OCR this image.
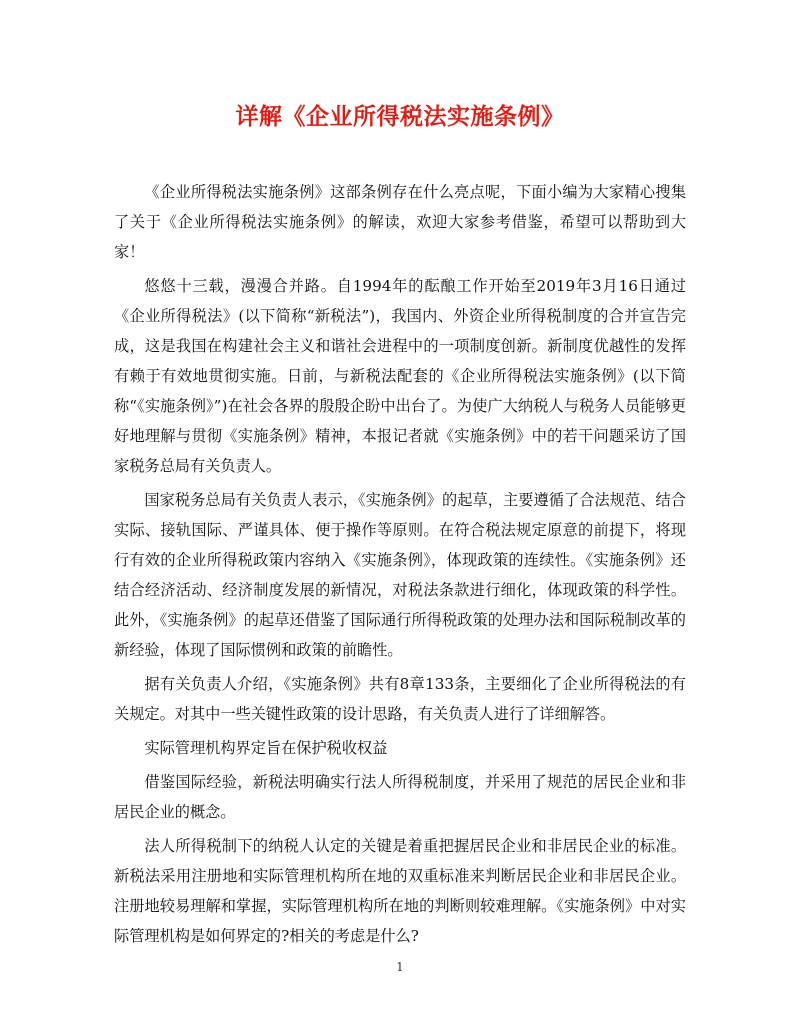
详解《企业所得税法实施条例》

《企业所得税法实施条例》这部条例存在什么亮点呢，下面小编为大家精心搜集了关于《企业所得税法实施条例》的解读，欢迎大家参考借鉴，希望可以帮助到大家！

悠悠十三载，漫漫合并路。自1994年的酝酿工作开始至2019年3月16日通过《企业所得税法》(以下简称“新税法”)，我国内、外资企业所得税制度的合并宣告完成，这是我国在构建社会主义和谐社会进程中的一项制度创新。新制度优越性的发挥有赖于有效地贯彻实施。日前，与新税法配套的《企业所得税法实施条例》(以下简称“《实施条例》”)在社会各界的殷殷企盼中出台了。为使广大纳税人与税务人员能够更好地理解与贯彻《实施条例》精神，本报记者就《实施条例》中的若干问题采访了国家税务总局有关负责人。

国家税务总局有关负责人表示，《实施条例》的起草，主要遵循了合法规范、结合实际、接轨国际、严谨具体、便于操作等原则。在符合税法规定原意的前提下，将现行有效的企业所得税政策内容纳入《实施条例》，体现政策的连续性。《实施条例》还结合经济活动、经济制度发展的新情况，对税法条款进行细化，体现政策的科学性。此外，《实施条例》的起草还借鉴了国际通行所得税政策的处理办法和国际税制改革的新经验，体现了国际惯例和政策的前瞻性。

据有关负责人介绍，《实施条例》共有8章133条，主要细化了企业所得税法的有关规定。对其中一些关键性政策的设计思路，有关负责人进行了详细解答。

实际管理机构界定旨在保护税收权益

借鉴国际经验，新税法明确实行法人所得税制度，并采用了规范的居民企业和非居民企业的概念。

法人所得税制下的纳税人认定的关键是着重把握居民企业和非居民企业的标准。新税法采用注册地和实际管理机构所在地的双重标准来判断居民企业和非居民企业。注册地较易理解和掌握，实际管理机构所在地的判断则较难理解。《实施条例》中对实际管理机构是如何界定的?相关的考虑是什么?

1
